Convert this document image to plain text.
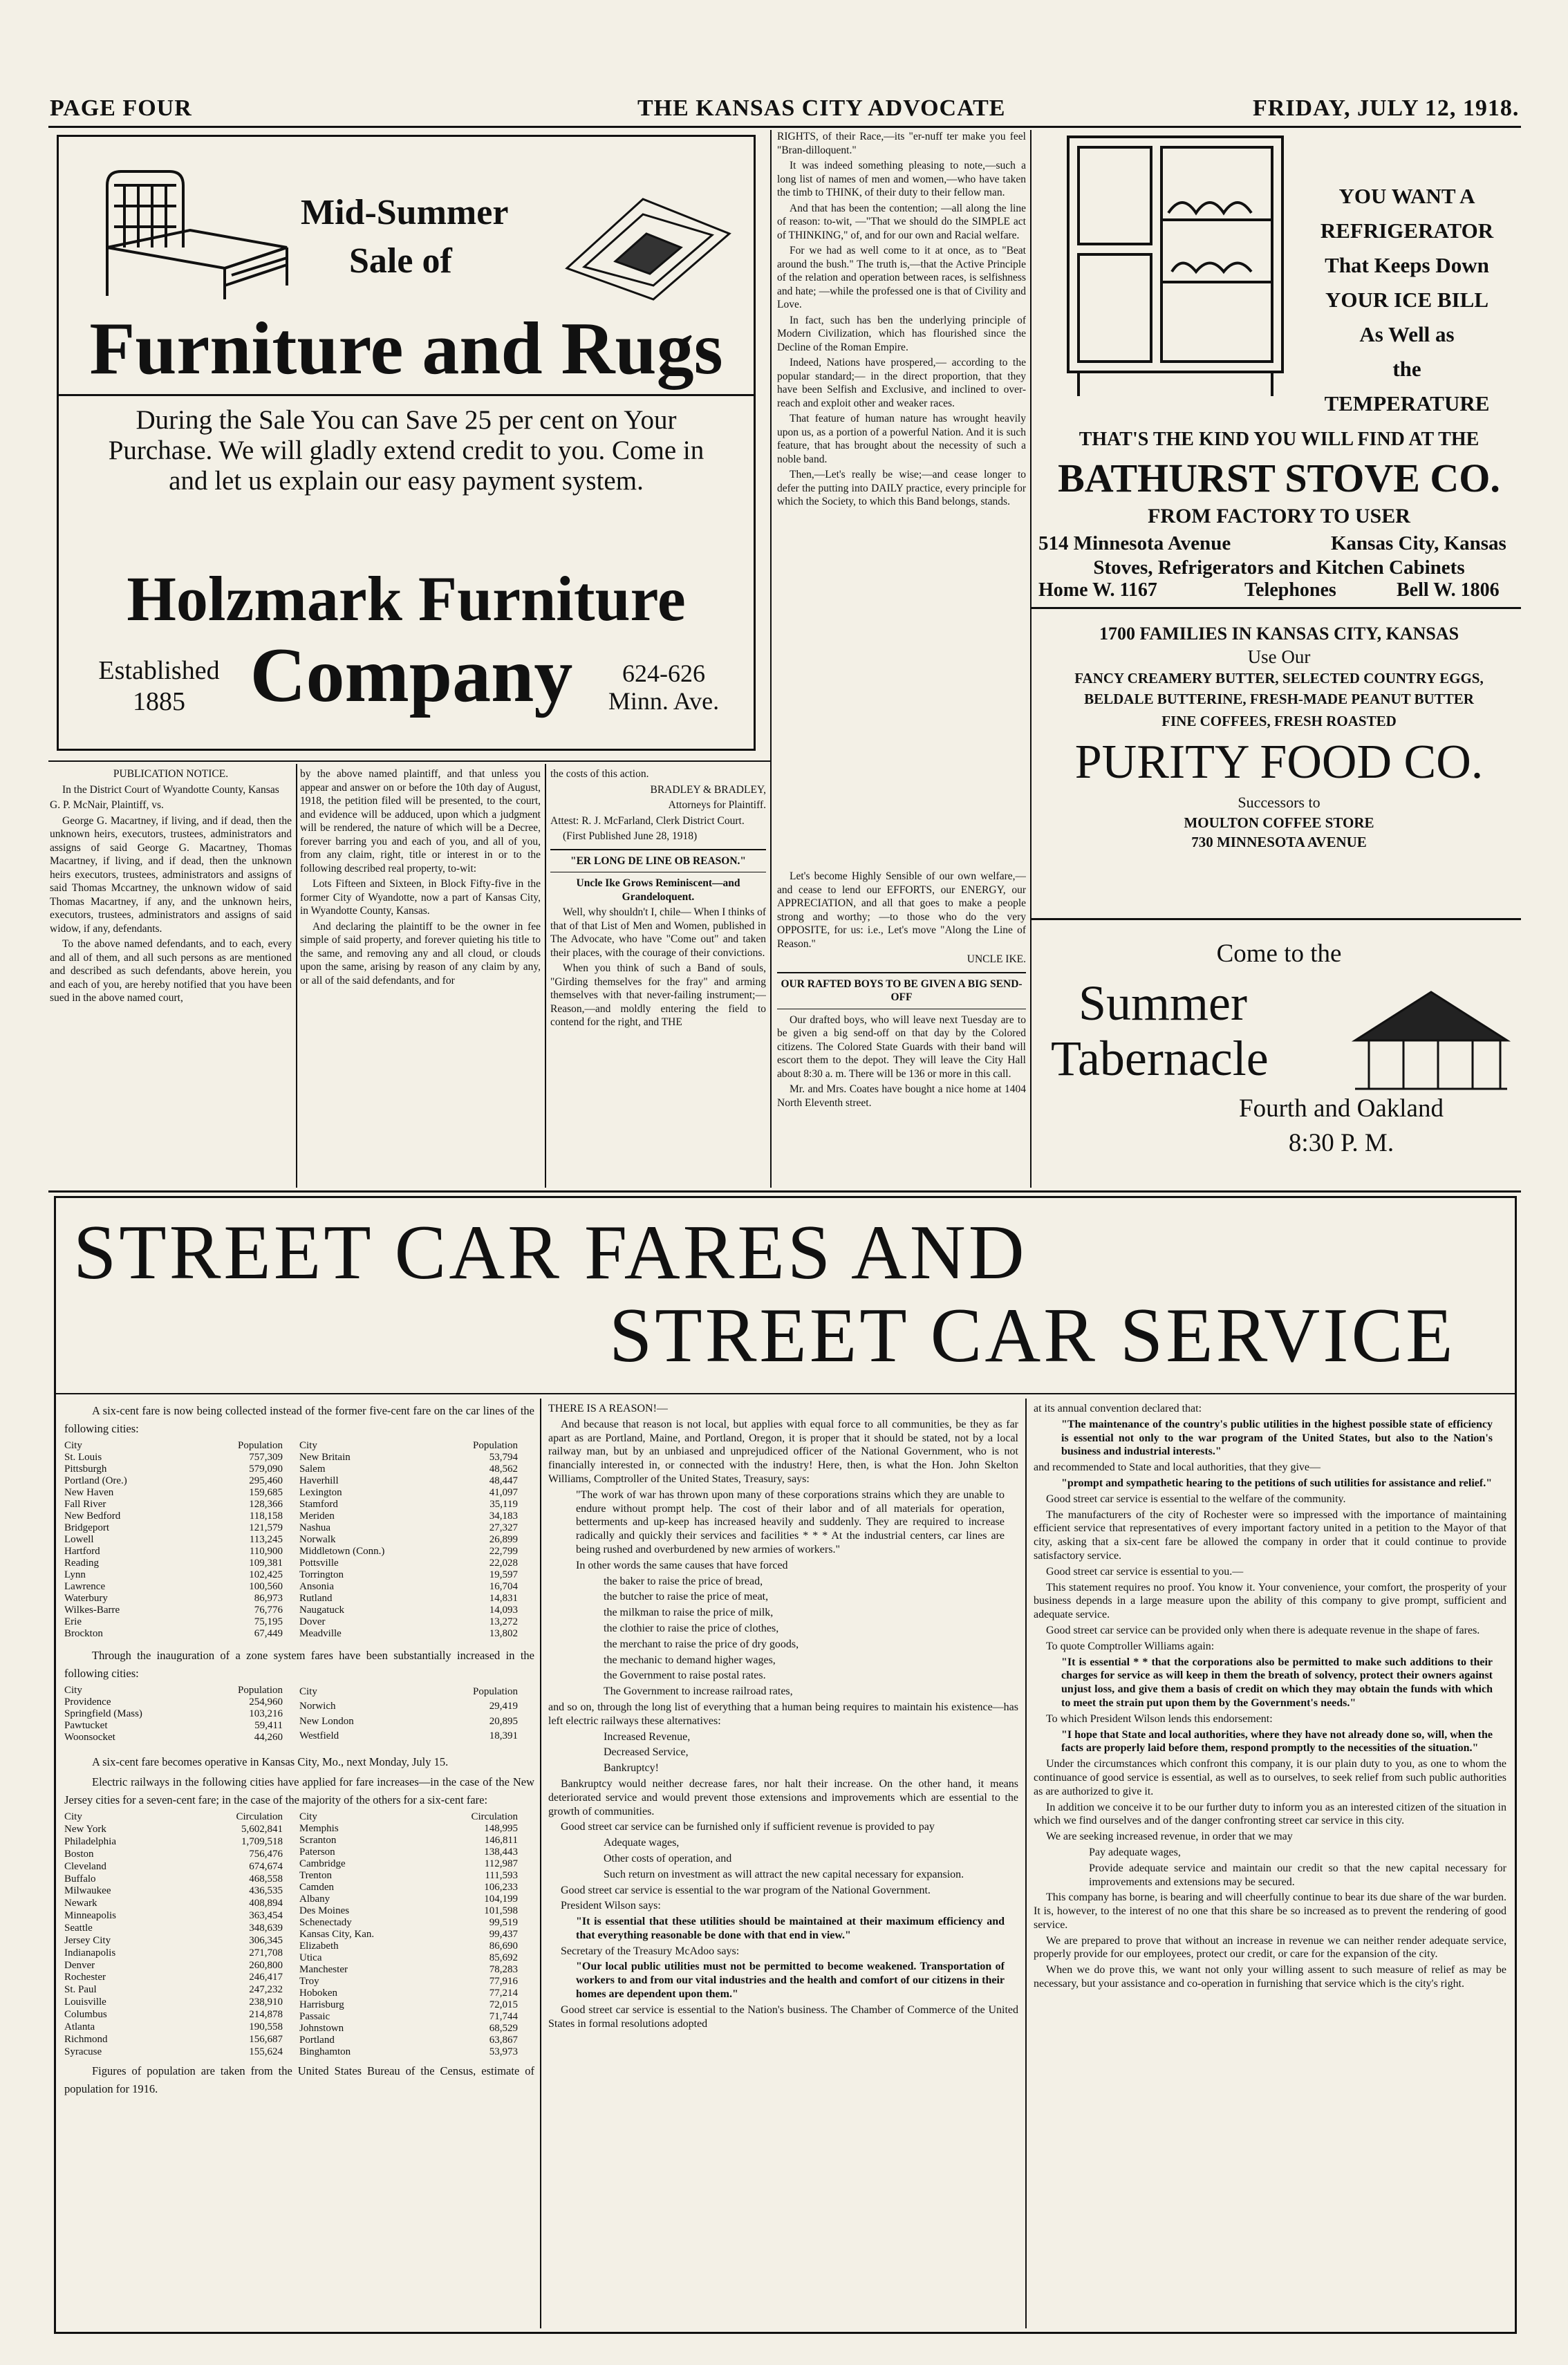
PAGE FOUR	THE KANSAS CITY ADVOCATE	FRIDAY, JULY 12, 1918.
Mid-Summer
Sale of
Furniture and Rugs
During the Sale You can Save 25 per cent on Your Purchase. We will gladly extend credit to you. Come in and let us explain our easy payment system.
Holzmark Furniture
Established
1885 Company	624-626
Minn. Ave.

RIGHTS, of their Race,—its "er-nuff ter make you feel "Bran-dilloquent."

It was indeed something pleasing to note,—such a long list of names of men and women,—who have taken the timb to THINK, of their duty to their fellow man.

And that has been the contention; —all along the line of reason: to-wit, —"That we should do the SIMPLE act of THINKING," of, and for our own and Racial welfare.

For we had as well come to it at once, as to "Beat around the bush." The truth is,—that the Active Principle of the relation and operation between races, is selfishness and hate; —while the professed one is that of Civility and Love.

In fact, such has ben the underlying principle of Modern Civilization, which has flourished since the Decline of the Roman Empire.

Indeed, Nations have prospered,— according to the popular standard;— in the direct proportion, that they have been Selfish and Exclusive, and inclined to over-reach and exploit other and weaker races.

That feature of human nature has wrought heavily upon us, as a portion of a powerful Nation. And it is such feature, that has brought about the necessity of such a noble band.

Then,—Let's really be wise;—and cease longer to defer the putting into DAILY practice, every principle for which the Society, to which this Band belongs, stands.

YOU WANT A
REFRIGERATOR
That Keeps Down
YOUR ICE BILL
As Well as
the
TEMPERATURE
THAT'S THE KIND YOU WILL FIND AT THE
BATHURST STOVE CO.
FROM FACTORY TO USER
514 Minnesota Avenue	Kansas City, Kansas
Stoves, Refrigerators and Kitchen Cabinets
Home W. 1167	Telephones	Bell W. 1806
1700 FAMILIES IN KANSAS CITY, KANSAS
Use Our
FANCY CREAMERY BUTTER, SELECTED COUNTRY EGGS,
BELDALE BUTTERINE, FRESH-MADE PEANUT BUTTER
FINE COFFEES, FRESH ROASTED
PURITY FOOD CO.
Successors to
MOULTON COFFEE STORE
730 MINNESOTA AVENUE
Come to the
Summer
Tabernacle
Fourth and Oakland
8:30 P. M.

PUBLICATION NOTICE.

In the District Court of Wyandotte County, Kansas

G. P. McNair, Plaintiff, vs.

George G. Macartney, if living, and if dead, then the unknown heirs, executors, trustees, administrators and assigns of said George G. Macartney, Thomas Macartney, if living, and if dead, then the unknown heirs executors, trustees, administrators and assigns of said Thomas Mccartney, the unknown widow of said Thomas Macartney, if any, and the unknown heirs, executors, trustees, administrators and assigns of said widow, if any, defendants.

To the above named defendants, and to each, every and all of them, and all such persons as are mentioned and described as such defendants, above herein, you and each of you, are hereby notified that you have been sued in the above named court,

by the above named plaintiff, and that unless you appear and answer on or before the 10th day of August, 1918, the petition filed will be presented, to the court, and evidence will be adduced, upon which a judgment will be rendered, the nature of which will be a Decree, forever barring you and each of you, and all of you, from any claim, right, title or interest in or to the following described real property, to-wit:

Lots Fifteen and Sixteen, in Block Fifty-five in the former City of Wyandotte, now a part of Kansas City, in Wyandotte County, Kansas.

And declaring the plaintiff to be the owner in fee simple of said property, and forever quieting his title to the same, and removing any and all cloud, or clouds upon the same, arising by reason of any claim by any, or all of the said defendants, and for

the costs of this action.

BRADLEY & BRADLEY,

Attorneys for Plaintiff.

Attest: R. J. McFarland, Clerk District Court.

(First Published June 28, 1918)

"ER LONG DE LINE OB REASON."

Uncle Ike Grows Reminiscent—and Grandeloquent.

Well, why shouldn't I, chile— When I thinks of that of that List of Men and Women, published in The Advocate, who have "Come out" and taken their places, with the courage of their convictions.

When you think of such a Band of souls, "Girding themselves for the fray" and arming themselves with that never-failing instrument;—Reason,—and moldly entering the field to contend for the right, and THE

Let's become Highly Sensible of our own welfare,—and cease to lend our EFFORTS, our ENERGY, our APPRECIATION, and all that goes to make a people strong and worthy; —to those who do the very OPPOSITE, for us: i.e., Let's move "Along the Line of Reason."

UNCLE IKE.

OUR RAFTED BOYS TO BE GIVEN A BIG SEND-OFF

Our drafted boys, who will leave next Tuesday are to be given a big send-off on that day by the Colored citizens. The Colored State Guards with their band will escort them to the depot. They will leave the City Hall about 8:30 a. m. There will be 136 or more in this call.

Mr. and Mrs. Coates have bought a nice home at 1404 North Eleventh street.

STREET CAR FARES AND
STREET CAR SERVICE

A six-cent fare is now being collected instead of the former five-cent fare on the car lines of the following cities:

City	Population
St. Louis	757,309
Pittsburgh	579,090
Portland (Ore.)	295,460
New Haven	159,685
Fall River	128,366
New Bedford	118,158
Bridgeport	121,579
Lowell	113,245
Hartford	110,900
Reading	109,381
Lynn	102,425
Lawrence	100,560
Waterbury	86,973
Wilkes-Barre	76,776
Erie	75,195
Brockton	67,449
City	Population
New Britain	53,794
Salem	48,562
Haverhill	48,447
Lexington	41,097
Stamford	35,119
Meriden	34,183
Nashua	27,327
Norwalk	26,899
Middletown (Conn.)	22,799
Pottsville	22,028
Torrington	19,597
Ansonia	16,704
Rutland	14,831
Naugatuck	14,093
Dover	13,272
Meadville	13,802

Through the inauguration of a zone system fares have been substantially increased in the following cities:

City	Population
Providence	254,960
Springfield (Mass)	103,216
Pawtucket	59,411
Woonsocket	44,260
City	Population
Norwich	29,419
New London	20,895
Westfield	18,391

A six-cent fare becomes operative in Kansas City, Mo., next Monday, July 15.

Electric railways in the following cities have applied for fare increases—in the case of the New Jersey cities for a seven-cent fare; in the case of the majority of the others for a six-cent fare:

City	Circulation
New York	5,602,841
Philadelphia	1,709,518
Boston	756,476
Cleveland	674,674
Buffalo	468,558
Milwaukee	436,535
Newark	408,894
Minneapolis	363,454
Seattle	348,639
Jersey City	306,345
Indianapolis	271,708
Denver	260,800
Rochester	246,417
St. Paul	247,232
Louisville	238,910
Columbus	214,878
Atlanta	190,558
Richmond	156,687
Syracuse	155,624
City	Circulation
Memphis	148,995
Scranton	146,811
Paterson	138,443
Cambridge	112,987
Trenton	111,593
Camden	106,233
Albany	104,199
Des Moines	101,598
Schenectady	99,519
Kansas City, Kan.	99,437
Elizabeth	86,690
Utica	85,692
Manchester	78,283
Troy	77,916
Hoboken	77,214
Harrisburg	72,015
Passaic	71,744
Johnstown	68,529
Portland	63,867
Binghamton	53,973

Figures of population are taken from the United States Bureau of the Census, estimate of population for 1916.

THERE IS A REASON!—

And because that reason is not local, but applies with equal force to all communities, be they as far apart as are Portland, Maine, and Portland, Oregon, it is proper that it should be stated, not by a local railway man, but by an unbiased and unprejudiced officer of the National Government, who is not financially interested in, or connected with the industry! Here, then, is what the Hon. John Skelton Williams, Comptroller of the United States, Treasury, says:

"The work of war has thrown upon many of these corporations strains which they are unable to endure without prompt help. The cost of their labor and of all materials for operation, betterments and up-keep has increased heavily and suddenly. They are required to increase radically and quickly their services and facilities * * * At the industrial centers, car lines are being rushed and overburdened by new armies of workers."

In other words the same causes that have forced

the baker to raise the price of bread,

the butcher to raise the price of meat,

the milkman to raise the price of milk,

the clothier to raise the price of clothes,

the merchant to raise the price of dry goods,

the mechanic to demand higher wages,

the Government to raise postal rates.

The Government to increase railroad rates,

and so on, through the long list of everything that a human being requires to maintain his existence—has left electric railways these alternatives:

Increased Revenue,

Decreased Service,

Bankruptcy!

Bankruptcy would neither decrease fares, nor halt their increase. On the other hand, it means deteriorated service and would prevent those extensions and improvements which are essential to the growth of communities.

Good street car service can be furnished only if sufficient revenue is provided to pay

Adequate wages,

Other costs of operation, and

Such return on investment as will attract the new capital necessary for expansion.

Good street car service is essential to the war program of the National Government.

President Wilson says:

"It is essential that these utilities should be maintained at their maximum efficiency and that everything reasonable be done with that end in view."

Secretary of the Treasury McAdoo says:

"Our local public utilities must not be permitted to become weakened. Transportation of workers to and from our vital industries and the health and comfort of our citizens in their homes are dependent upon them."

Good street car service is essential to the Nation's business. The Chamber of Commerce of the United States in formal resolutions adopted

at its annual convention declared that:

"The maintenance of the country's public utilities in the highest possible state of efficiency is essential not only to the war program of the United States, but also to the Nation's business and industrial interests."

and recommended to State and local authorities, that they give—

"prompt and sympathetic hearing to the petitions of such utilities for assistance and relief."

Good street car service is essential to the welfare of the community.

The manufacturers of the city of Rochester were so impressed with the importance of maintaining efficient service that representatives of every important factory united in a petition to the Mayor of that city, asking that a six-cent fare be allowed the company in order that it could continue to provide satisfactory service.

Good street car service is essential to you.—

This statement requires no proof. You know it. Your convenience, your comfort, the prosperity of your business depends in a large measure upon the ability of this company to give prompt, sufficient and adequate service.

Good street car service can be provided only when there is adequate revenue in the shape of fares.

To quote Comptroller Williams again:

"It is essential * * that the corporations also be permitted to make such additions to their charges for service as will keep in them the breath of solvency, protect their owners against unjust loss, and give them a basis of credit on which they may obtain the funds with which to meet the strain put upon them by the Government's needs."

To which President Wilson lends this endorsement:

"I hope that State and local authorities, where they have not already done so, will, when the facts are properly laid before them, respond promptly to the necessities of the situation."

Under the circumstances which confront this company, it is our plain duty to you, as one to whom the continuance of good service is essential, as well as to ourselves, to seek relief from such public authorities as are authorized to give it.

In addition we conceive it to be our further duty to inform you as an interested citizen of the situation in which we find ourselves and of the danger confronting street car service in this city.

We are seeking increased revenue, in order that we may

Pay adequate wages,

Provide adequate service and maintain our credit so that the new capital necessary for improvements and extensions may be secured.

This company has borne, is bearing and will cheerfully continue to bear its due share of the war burden. It is, however, to the interest of no one that this share be so increased as to prevent the rendering of good service.

We are prepared to prove that without an increase in revenue we can neither render adequate service, properly provide for our employees, protect our credit, or care for the expansion of the city.

When we do prove this, we want not only your willing assent to such measure of relief as may be necessary, but your assistance and co-operation in furnishing that service which is the city's right.
